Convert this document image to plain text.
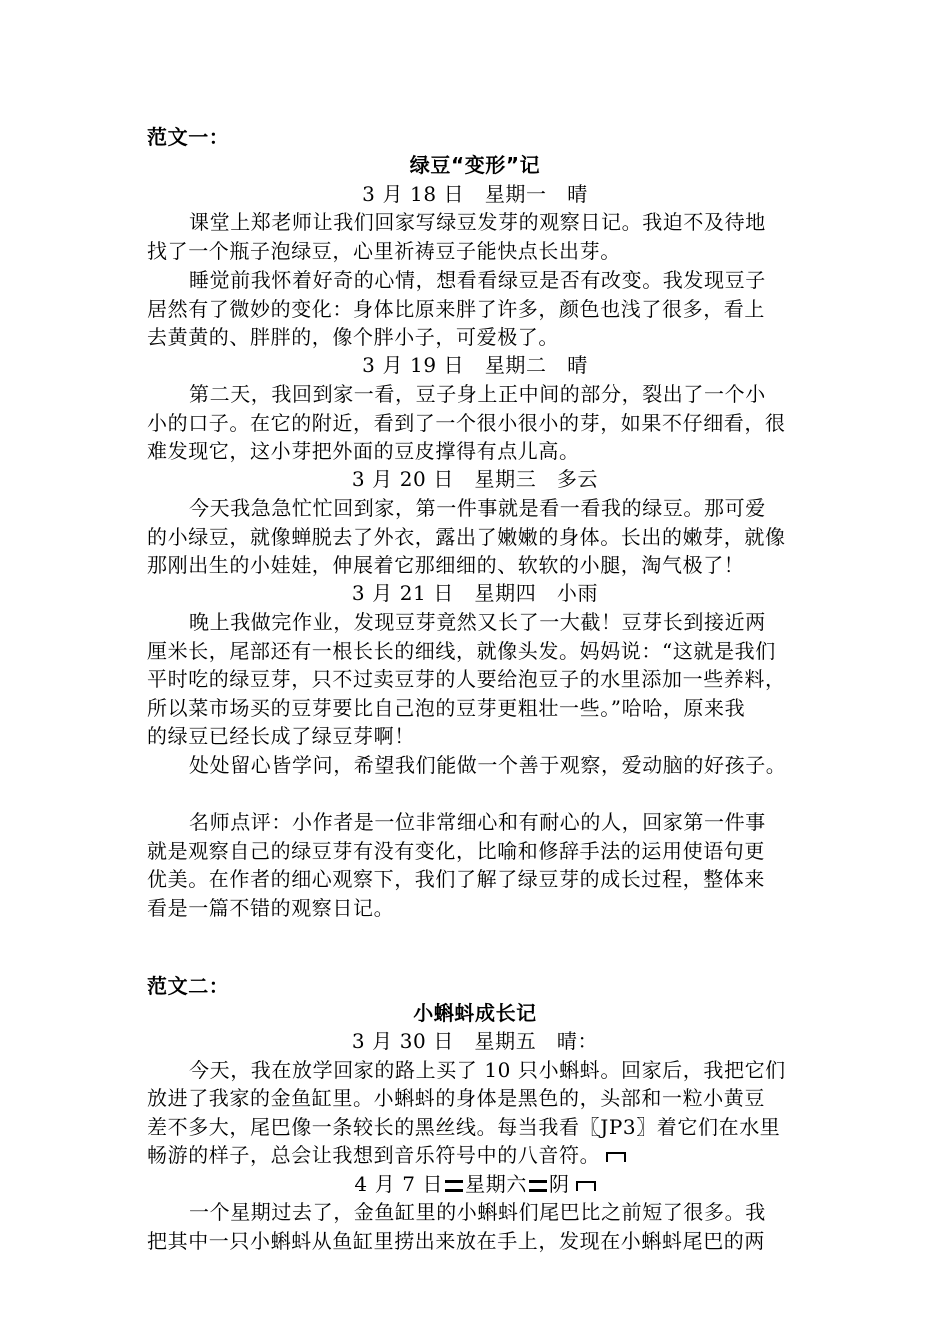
范文一：
绿豆“变形”记
3 月 18 日　星期一　晴
课堂上郑老师让我们回家写绿豆发芽的观察日记。我迫不及待地
找了一个瓶子泡绿豆，心里祈祷豆子能快点长出芽。
睡觉前我怀着好奇的心情，想看看绿豆是否有改变。我发现豆子
居然有了微妙的变化：身体比原来胖了许多，颜色也浅了很多，看上
去黄黄的、胖胖的，像个胖小子，可爱极了。
3 月 19 日　星期二　晴
第二天，我回到家一看，豆子身上正中间的部分，裂出了一个小
小的口子。在它的附近，看到了一个很小很小的芽，如果不仔细看，很
难发现它，这小芽把外面的豆皮撑得有点儿高。
3 月 20 日　星期三　多云
今天我急急忙忙回到家，第一件事就是看一看我的绿豆。那可爱
的小绿豆，就像蝉脱去了外衣，露出了嫩嫩的身体。长出的嫩芽，就像
那刚出生的小娃娃，伸展着它那细细的、软软的小腿，淘气极了！
3 月 21 日　星期四　小雨
晚上我做完作业，发现豆芽竟然又长了一大截！豆芽长到接近两
厘米长，尾部还有一根长长的细线，就像头发。妈妈说：“这就是我们
平时吃的绿豆芽，只不过卖豆芽的人要给泡豆子的水里添加一些养料，
所以菜市场买的豆芽要比自己泡的豆芽更粗壮一些。”哈哈，原来我
的绿豆已经长成了绿豆芽啊！
处处留心皆学问，希望我们能做一个善于观察，爱动脑的好孩子。
名师点评：小作者是一位非常细心和有耐心的人，回家第一件事
就是观察自己的绿豆芽有没有变化，比喻和修辞手法的运用使语句更
优美。在作者的细心观察下，我们了解了绿豆芽的成长过程，整体来
看是一篇不错的观察日记。
范文二：
小蝌蚪成长记
3 月 30 日　星期五　晴：
今天，我在放学回家的路上买了 10 只小蝌蚪。回家后，我把它们
放进了我家的金鱼缸里。小蝌蚪的身体是黑色的，头部和一粒小黄豆
差不多大，尾巴像一条较长的黑丝线。每当我看〖JP3〗着它们在水里
畅游的样子，总会让我想到音乐符号中的八音符。
4 月 7 日 星期六 阴
一个星期过去了，金鱼缸里的小蝌蚪们尾巴比之前短了很多。我
把其中一只小蝌蚪从鱼缸里捞出来放在手上，发现在小蝌蚪尾巴的两
